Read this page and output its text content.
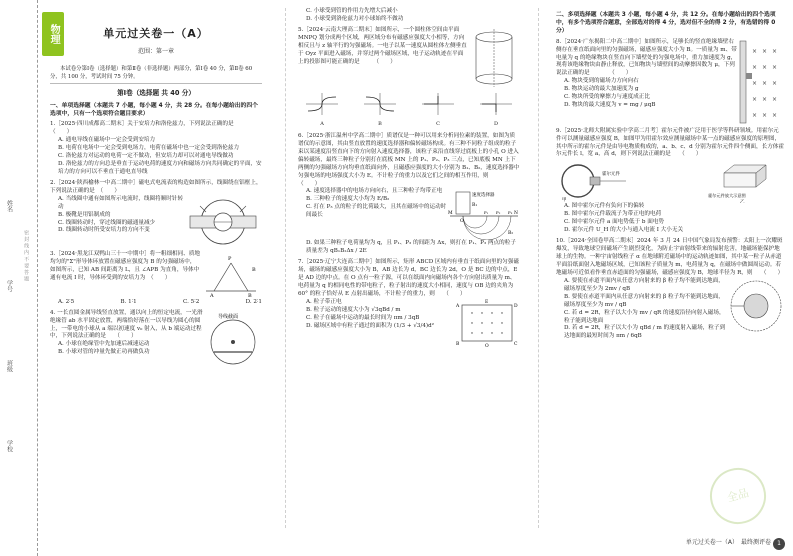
学校
班级
姓名
学号
密 封 线 内 不 要 答 题
物理	单元过关卷一（A）
范围：第一章
本试卷分第Ⅰ卷（选择题）和第Ⅱ卷（非选择题）两部分，第Ⅰ卷 40 分，第Ⅱ卷 60 分，共 100 分，考试时间 75 分钟。
第Ⅰ卷（选择题 共 40 分）
一、单项选择题（本题共 7 小题，每小题 4 分，共 28 分。在每小题给出的四个选项中，只有一个选项符合题目要求）
1.［2025·四川成都高二期末］关于安培力和洛伦兹力，下列说法正确的是　　　　　　　　　　（　　）
A. 通电导线在磁场中一定会受到安培力
B. 电荷在电场中一定会受到电场力，电荷在磁场中也一定会受到洛伦兹力
C. 洛伦兹力对运动的电荷一定不做功，但安培力却可以对通电导线做功
D. 洛伦兹力的方向总是垂直于运动电荷的速度方向和磁场方向共同确定的平面，安培力的方向可以不垂直于通电直导线
2.［2024·陕西榆林一中高二期中］磁电式电流表的构造如图所示，线圈绕在铝框上，下列说法正确的是　（　　）
A. 当线圈中通有如图所示电流时，线圈将顺时针转动
B. 极靴是用铝制成的
C. 线圈转动时，穿过线圈的磁通量减少
D. 线圈转动时所受安培力的方向不变
3.［2024·黑龙江双鸭山三十一中期中］将一粗细相同、质地均匀的"Σ"形导体环放置在磁感应强度为 B 的匀强磁场中，如图所示，已知 AB 间距离为 L，且 ∠APB 为直角，导体中通有电流 I 时，导体环受到的安培力为　（　　）
A	B
P
B
A. 2∶5	B. 1∶1	C. 5∶2	D. 2∶1
4. 一长直圆金属导线竖直放置，通以向上的恒定电流，一光滑绝缘管 ab 水平固定放置，两端恰好落在一以导线为圆心的圆上，一带电的小球从 a 端以初速度 v₀ 射入，从 b 端运动过程中，下列说法正确的是　　（　　）
A. 小球在绝缘管中先加速后减速运动
B. 小球对管的冲量先做正功再做负功
导线截面
C. 小球受到管的作用力先增大后减小
D. 小球受到洛伦兹力对小球始终不做功
5.［2024·云南大理高二期末］如图所示，一个圆柱体空间由平面 MNPQ 划分成两个区域，两区域分布有磁感应强度大小相等，方向相反且与 z 轴平行的匀强磁场。一电子以某一速度从圆柱体左侧垂直于 Oyz 平面进入磁场，并穿过两个磁场区域，电子运动轨迹在平面上的投影图可能正确的是　　　（　　）
A	B	C	D
6.［2025·浙江温州中学高二期中］质谱仪是一种可以用来分析同位素的装置，如图为质谱仪的示意图，其由竖直放置的速度选择器和偏转磁场构成。有三种不同粒子组成的粒子束以某速度沿竖直向下的方向射入速度选择器，该粒子束沿直线穿过底板上的小孔 O 进入偏转磁场，最终三种粒子分别打在底板 MN 上的 P₁、P₂、P₃ 三点，已知底板 MN 上下两侧的匀强磁场方向均垂直纸面向外，且磁感应强度的大小分别为 B₁、B₂，速度选择器中匀强电场的电场强度大小为 E。不计粒子的重力以及它们之间的相互作用，则　　　　（　　）
A. 速度选择器中的电场方向向右，且三种粒子均带正电
B. 三种粒子的速度大小均为 E/B₂
C. 打在 P₃ 点的粒子的比荷最大，且其在磁场中的运动时间最长
速度选择器
B₁
B₂
M	N
O
P₁ P₂ P₃
D. 如果三种粒子电荷量均为 q，且 P₁、P₃ 的间距为 Δx，则打在 P₁、P₃ 两点的粒子质量差为 qB₁B₂Δx / 2E
7.［2025·辽宁大连高二期中］如图所示，矩形 ABCD 区域内有垂直于纸面向里的匀强磁场，磁场的磁感应强度大小为 B，AB 边长为 d，BC 边长为 2d，O 是 BC 边的中点，E 是 AD 边的中点。在 O 点有一粒子源，可以在纸面内向磁场内各个方向射出质量为 m、电荷量为 q 的相同电性的带电粒子，粒子射出的速度大小相同，速度与 OB 边的夹角为 60° 的粒子恰好从 E 点射出磁场，不计粒子的重力，则　　（　　）
A. 粒子带正电
B. 粒子运动的速度大小为 √3qBd / m
C. 粒子在磁场中运动的最长时间为 πm / 3qB
D. 磁场区域中有粒子通过的面积为 (1/3 + √3/4)d²
A
B	C
D
E
O
二、多项选择题（本题共 3 小题，每小题 4 分，共 12 分。在每小题给出的四个选项中，有多个选项符合题意，全部选对的得 4 分，选对但不全的得 2 分，有选错的得 0 分）
8.［2024·广东揭阳二中高二期中］如图所示，足够长的竖直绝缘墙壁右侧存在垂直纸面向里的匀强磁场，磁感应强度大小为 B。一质量为 m、带电量为 q 的绝缘物块在竖直向下墙壁处的匀强电场中，重力加速度为 g，现将该绝缘物块由静止释放，已知物块与墙壁间的动摩擦因数为 μ，下列说法正确的是　　　　（　　）
A. 物块受到的磁场力方向向右
B. 物块运动的最大加速度为 g
C. 物块所受的摩擦力与速度成正比
D. 物块的最大速度为 v = mg / μqB
× × ×
× × ×
× × ×
× × ×
× × ×
9.［2025·北师大附属实验中学高二月考］霍尔元件被广泛用于医学等科研领域。用霍尔元件可以测量磁感应强度 B，如图甲为用霍尔效应测量磁场中某一点的磁感应强度的原理图，其中所示的霍尔元件是由导电物质构成的，a、b、c、d 分别为霍尔元件四个侧面，长方体霍尔元件长 l，宽 a，高 d，则下列说法正确的是　　（　　）
甲
霍尔元件
霍尔元件放大示意图
乙
A. 图中霍尔元件有负向下的偏转
B. 图中霍尔元件载流子为带正电的电荷
C. 图中霍尔元件 a 面电势低于 b 面电势
D. 霍尔元件 U_H 的大小与通入电流 I 大小无关
10.［2024·全国卷甲高二期末］2024 年 3 月 24 日中国气象局发布预警：太阳上一次耀斑爆发，导致地球空间磁场产生剧烈变化，为防止宇宙射线带来的辐射危害，地磁场能保护地球上的生物。一种宇宙射线粒子 α 在地球附近磁场中的运动轨迹如图，其中某一粒子从赤道平面沿纸面射入地磁场区域，已知该粒子质量为 m，电荷量为 q，在磁场中做圆周运动。若地磁场可近似看作垂直赤道面的匀强磁场，磁感应强度为 B，地球半径为 R，则　　（　　）
A. 要使在赤道平面内从任意方向射来的 β 粒子均不能到达地面，磁场厚度至少为 2mv / qB
B. 要使在赤道平面内从任意方向射来的 β 粒子均不能到达地面，磁场厚度至少为 mv / qB
C. 若 d = 2R，粒子以大小为 mv / qR 的速度沿径向射入磁场，粒子能到达地面
D. 若 d = 2R，粒子以大小为 qBd / m 的速度射入磁场，粒子到达地面的最短时间为 πm / 6qB
全品
单元过关卷一（A）　最终测评卷	1
